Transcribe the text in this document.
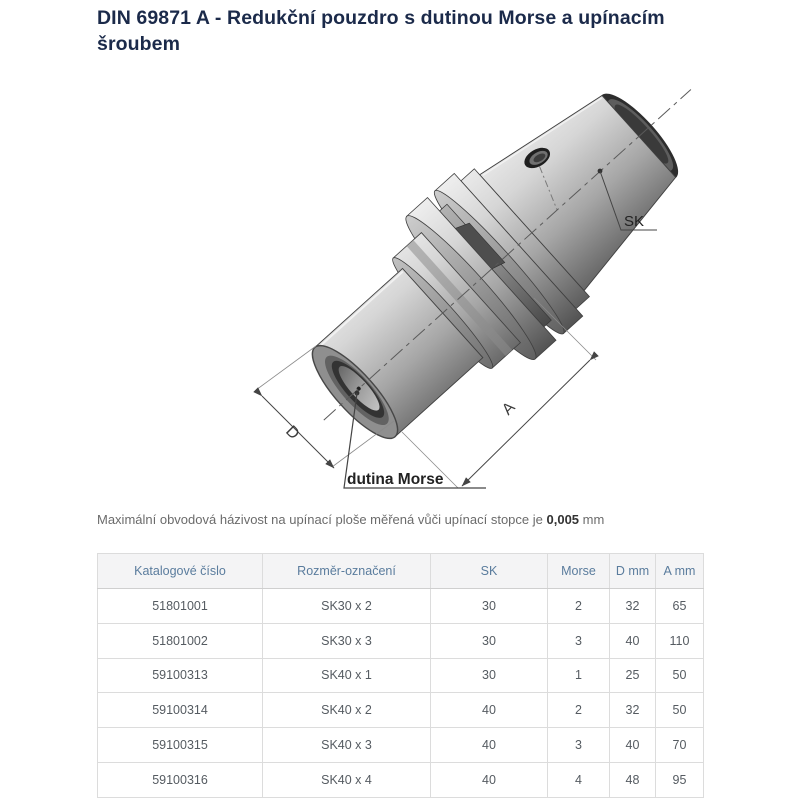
DIN 69871 A - Redukční pouzdro s dutinou Morse a upínacím šroubem
D
A
SK
dutina Morse

Maximální obvodová házivost na upínací ploše měřená vůči upínací stopce je 0,005 mm

Katalogové číslo	Rozměr-označení	SK	Morse	D mm	A mm
51801001	SK30 x 2	30	2	32	65
51801002	SK30 x 3	30	3	40	110
59100313	SK40 x 1	30	1	25	50
59100314	SK40 x 2	40	2	32	50
59100315	SK40 x 3	40	3	40	70
59100316	SK40 x 4	40	4	48	95
